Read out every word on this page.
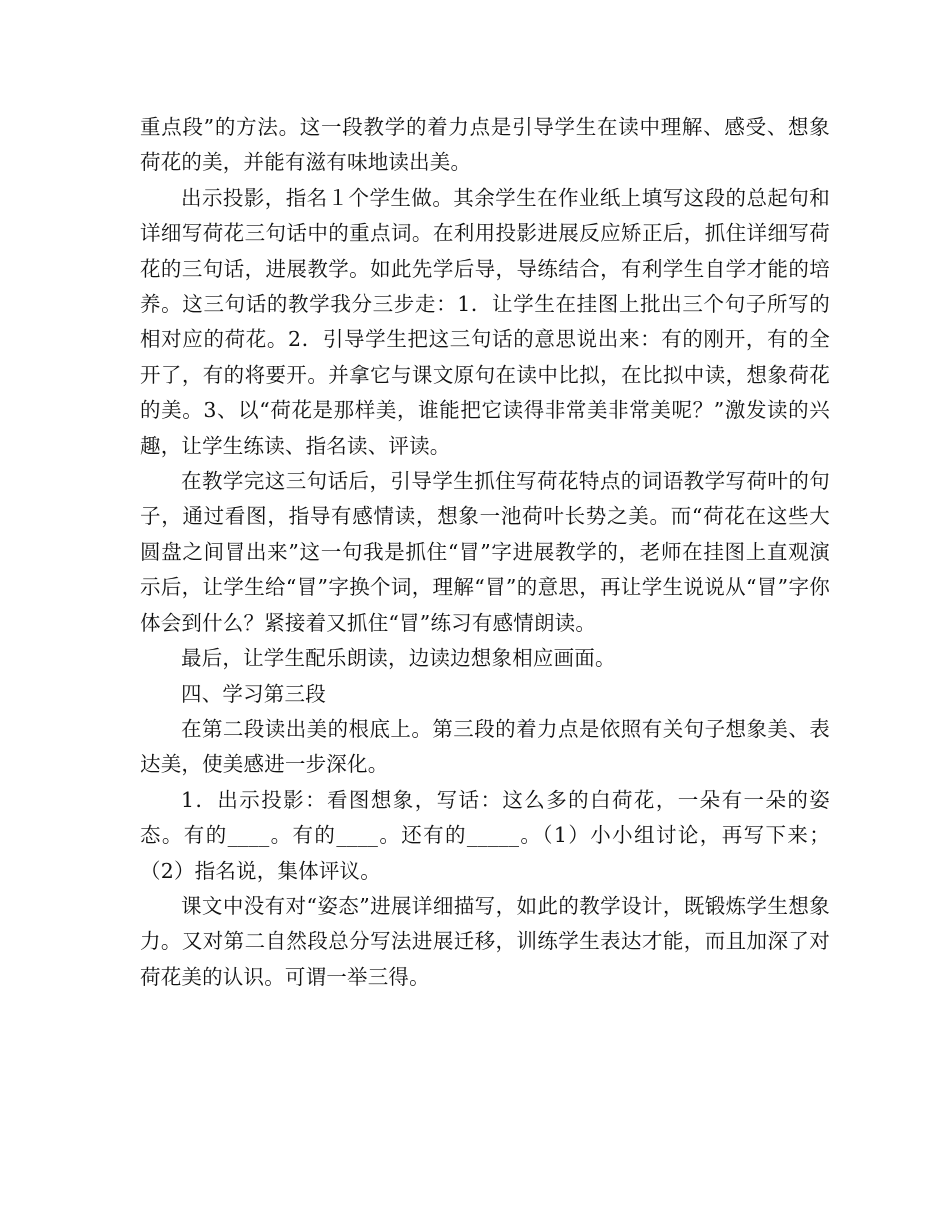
重点段”的方法。这一段教学的着力点是引导学生在读中理解、感受、想象荷花的美，并能有滋有味地读出美。

出示投影，指名１个学生做。其余学生在作业纸上填写这段的总起句和详细写荷花三句话中的重点词。在利用投影进展反应矫正后，抓住详细写荷花的三句话，进展教学。如此先学后导，导练结合，有利学生自学才能的培养。这三句话的教学我分三步走：1．让学生在挂图上批出三个句子所写的相对应的荷花。2．引导学生把这三句话的意思说出来：有的刚开，有的全开了，有的将要开。并拿它与课文原句在读中比拟，在比拟中读，想象荷花的美。3、以“荷花是那样美，谁能把它读得非常美非常美呢？”激发读的兴趣，让学生练读、指名读、评读。

在教学完这三句话后，引导学生抓住写荷花特点的词语教学写荷叶的句子，通过看图，指导有感情读，想象一池荷叶长势之美。而“荷花在这些大圆盘之间冒出来”这一句我是抓住“冒”字进展教学的，老师在挂图上直观演示后，让学生给“冒”字换个词，理解“冒”的意思，再让学生说说从“冒”字你体会到什么？紧接着又抓住“冒”练习有感情朗读。

最后，让学生配乐朗读，边读边想象相应画面。

四、学习第三段

在第二段读出美的根底上。第三段的着力点是依照有关句子想象美、表达美，使美感进一步深化。

1．出示投影：看图想象，写话：这么多的白荷花，一朵有一朵的姿态。有的____。有的____。还有的_____。（1）小小组讨论，再写下来；（2）指名说，集体评议。

课文中没有对“姿态”进展详细描写，如此的教学设计，既锻炼学生想象力。又对第二自然段总分写法进展迁移，训练学生表达才能，而且加深了对荷花美的认识。可谓一举三得。
